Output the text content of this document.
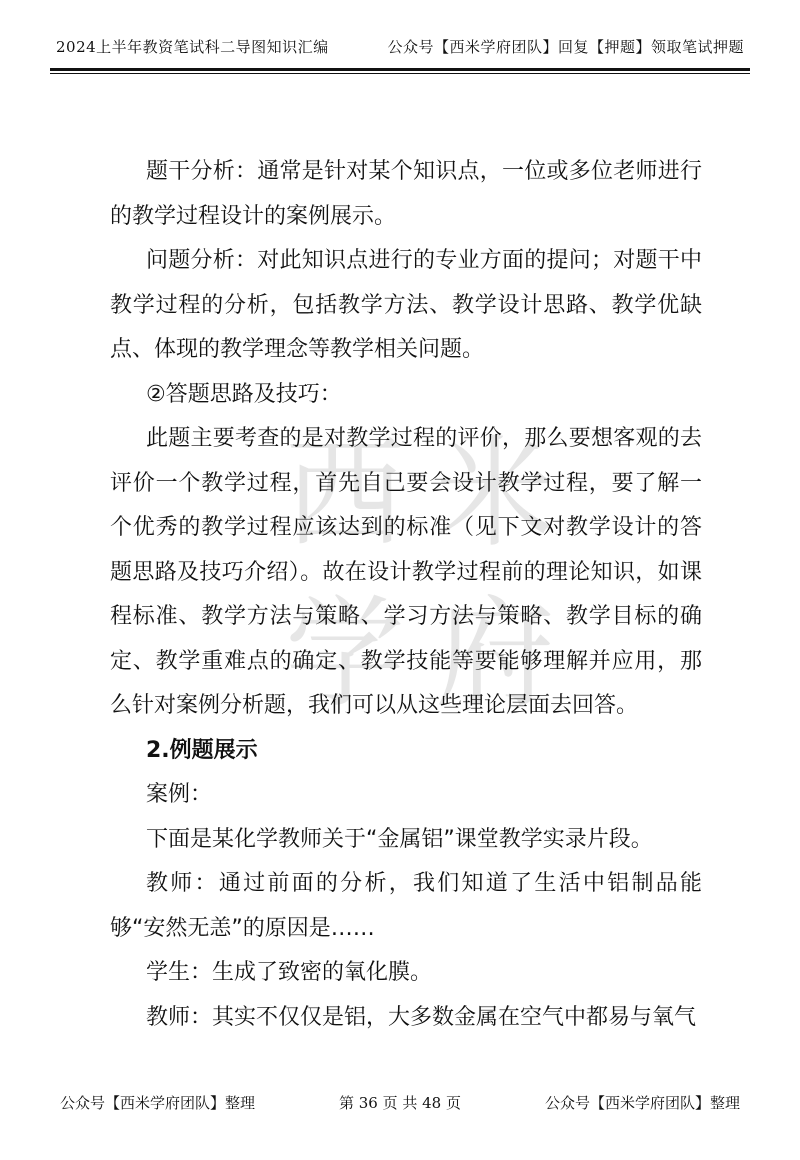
2024上半年教资笔试科二导图知识汇编	公众号【西米学府团队】回复【押题】领取笔试押题
西 米
学 府

题干分析：通常是针对某个知识点，一位或多位老师进行的教学过程设计的案例展示。

问题分析：对此知识点进行的专业方面的提问；对题干中教学过程的分析，包括教学方法、教学设计思路、教学优缺点、体现的教学理念等教学相关问题。

②答题思路及技巧：

此题主要考查的是对教学过程的评价，那么要想客观的去评价一个教学过程，首先自己要会设计教学过程，要了解一个优秀的教学过程应该达到的标准（见下文对教学设计的答题思路及技巧介绍）。故在设计教学过程前的理论知识，如课程标准、教学方法与策略、学习方法与策略、教学目标的确定、教学重难点的确定、教学技能等要能够理解并应用，那么针对案例分析题，我们可以从这些理论层面去回答。

2.例题展示

案例：

下面是某化学教师关于“金属铝”课堂教学实录片段。

教师：通过前面的分析，我们知道了生活中铝制品能够“安然无恙”的原因是……

学生：生成了致密的氧化膜。

教师：其实不仅仅是铝，大多数金属在空气中都易与氧气

公众号【西米学府团队】整理	第 36 页 共 48 页	公众号【西米学府团队】整理
